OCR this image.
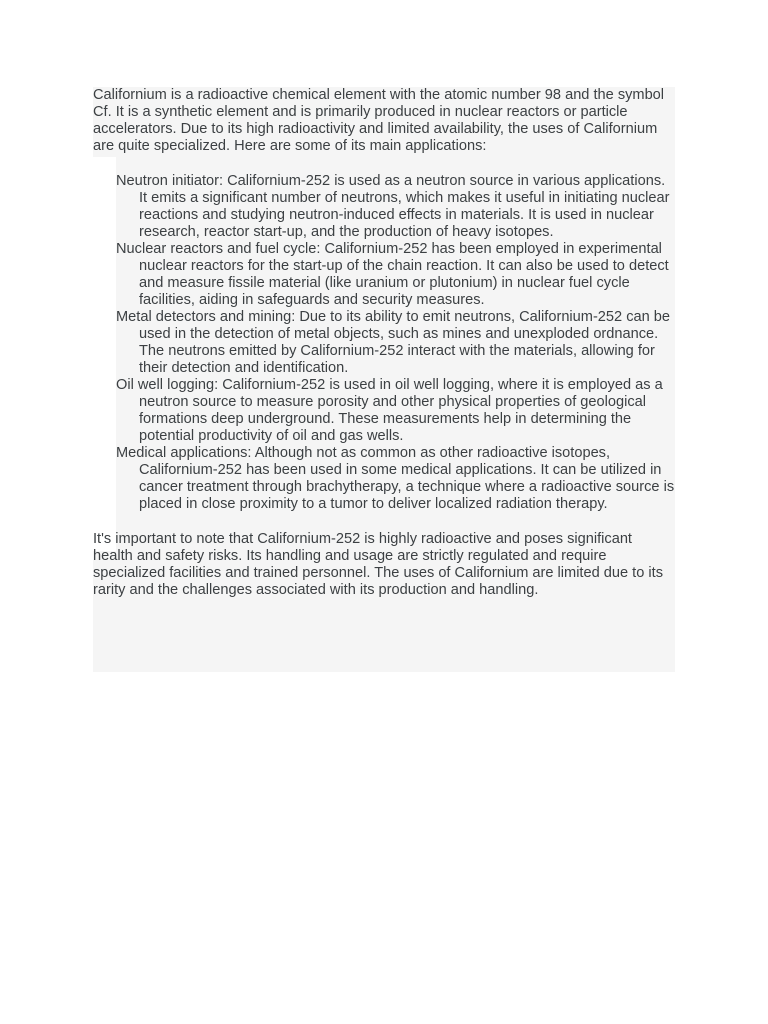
Californium is a radioactive chemical element with the atomic number 98 and the symbol Cf. It is a synthetic element and is primarily produced in nuclear reactors or particle accelerators. Due to its high radioactivity and limited availability, the uses of Californium are quite specialized. Here are some of its main applications:

Neutron initiator: Californium-252 is used as a neutron source in various applications. It emits a significant number of neutrons, which makes it useful in initiating nuclear reactions and studying neutron-induced effects in materials. It is used in nuclear research, reactor start-up, and the production of heavy isotopes.
Nuclear reactors and fuel cycle: Californium-252 has been employed in experimental nuclear reactors for the start-up of the chain reaction. It can also be used to detect and measure fissile material (like uranium or plutonium) in nuclear fuel cycle facilities, aiding in safeguards and security measures.
Metal detectors and mining: Due to its ability to emit neutrons, Californium-252 can be used in the detection of metal objects, such as mines and unexploded ordnance. The neutrons emitted by Californium-252 interact with the materials, allowing for their detection and identification.
Oil well logging: Californium-252 is used in oil well logging, where it is employed as a neutron source to measure porosity and other physical properties of geological formations deep underground. These measurements help in determining the potential productivity of oil and gas wells.
Medical applications: Although not as common as other radioactive isotopes, Californium-252 has been used in some medical applications. It can be utilized in cancer treatment through brachytherapy, a technique where a radioactive source is placed in close proximity to a tumor to deliver localized radiation therapy.

It's important to note that Californium-252 is highly radioactive and poses significant health and safety risks. Its handling and usage are strictly regulated and require specialized facilities and trained personnel. The uses of Californium are limited due to its rarity and the challenges associated with its production and handling.
